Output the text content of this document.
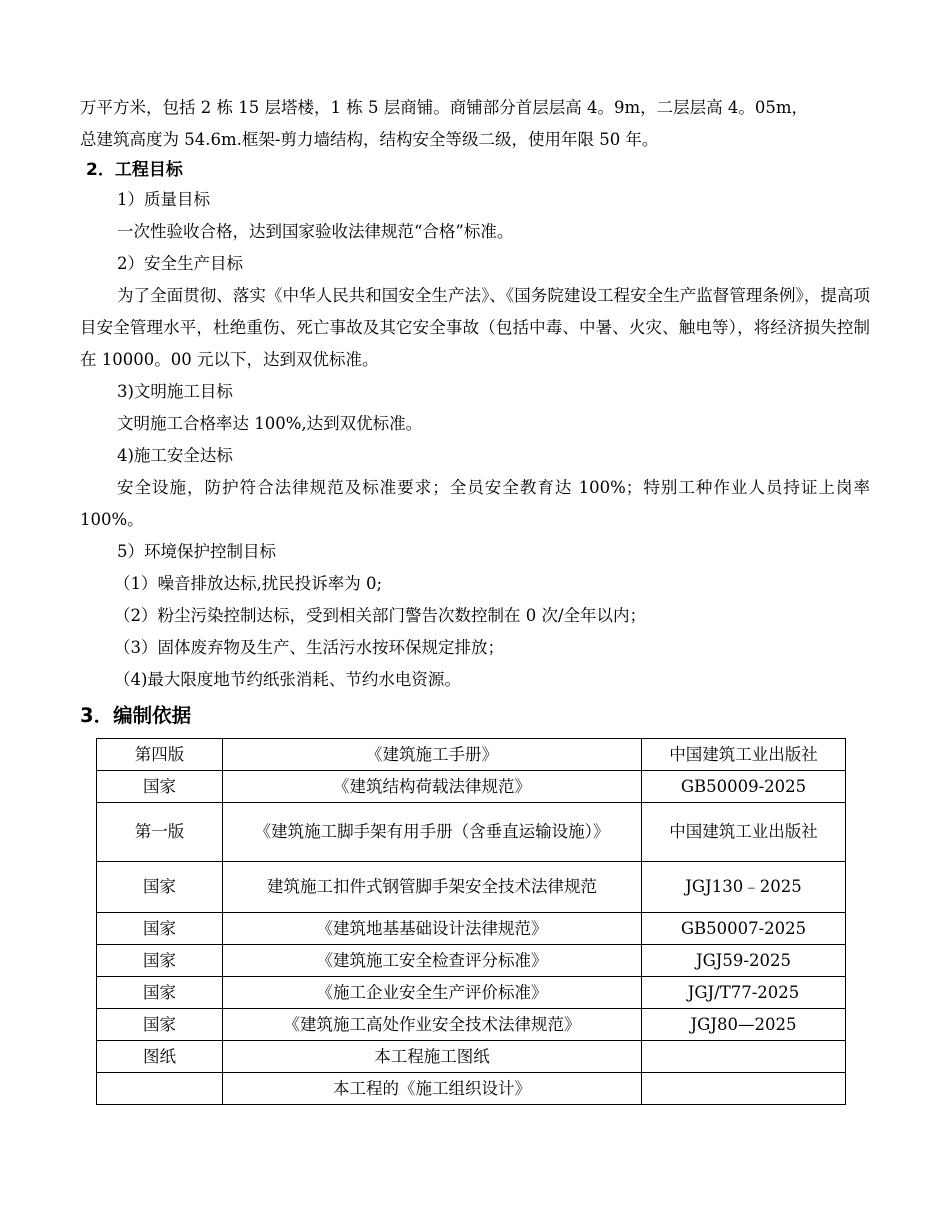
万平方米，包括 2 栋 15 层塔楼，1 栋 5 层商铺。商铺部分首层层高 4。9m，二层层高 4。05m，

总建筑高度为 54.6m.框架-剪力墙结构，结构安全等级二级，使用年限 50 年。

2．工程目标

1）质量目标

一次性验收合格，达到国家验收法律规范“合格”标准。

2）安全生产目标

为了全面贯彻、落实《中华人民共和国安全生产法》、《国务院建设工程安全生产监督管理条例》，提高项目安全管理水平，杜绝重伤、死亡事故及其它安全事故（包括中毒、中暑、火灾、触电等），将经济损失控制在 10000。00 元以下，达到双优标准。

3)文明施工目标

文明施工合格率达 100%,达到双优标准。

4)施工安全达标

安全设施，防护符合法律规范及标准要求；全员安全教育达 100%；特别工种作业人员持证上岗率 100%。

5）环境保护控制目标

（1）噪音排放达标,扰民投诉率为 0;

（2）粉尘污染控制达标，受到相关部门警告次数控制在 0 次/全年以内；

（3）固体废弃物及生产、生活污水按环保规定排放；

（4)最大限度地节约纸张消耗、节约水电资源。

3．编制依据

第四版	《建筑施工手册》	中国建筑工业出版社
国家	《建筑结构荷载法律规范》	GB50009-2025
第一版	《建筑施工脚手架有用手册（含垂直运输设施）》	中国建筑工业出版社
国家	建筑施工扣件式钢管脚手架安全技术法律规范	JGJ130﹣2025
国家	《建筑地基基础设计法律规范》	GB50007-2025
国家	《建筑施工安全检查评分标准》	JGJ59-2025
国家	《施工企业安全生产评价标准》	JGJ/T77-2025
国家	《建筑施工高处作业安全技术法律规范》	JGJ80—2025
图纸	本工程施工图纸	
	本工程的《施工组织设计》	
